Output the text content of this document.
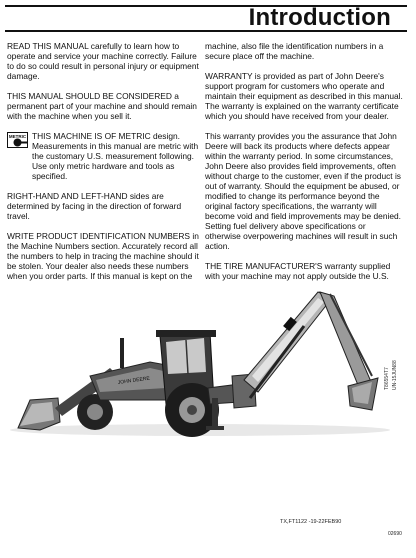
Introduction

READ THIS MANUAL carefully to learn how to operate and service your machine correctly. Failure to do so could result in personal injury or equipment damage.

THIS MANUAL SHOULD BE CONSIDERED a permanent part of your machine and should remain with the machine when you sell it.

METRIC THIS MACHINE IS OF METRIC design. Measurements in this manual are metric with the customary U.S. measurement following. Use only metric hardware and tools as specified.

RIGHT-HAND AND LEFT-HAND sides are determined by facing in the direction of forward travel.

WRITE PRODUCT IDENTIFICATION NUMBERS in the Machine Numbers section. Accurately record all the numbers to help in tracing the machine should it be stolen. Your dealer also needs these numbers when you order parts. If this manual is kept on the

machine, also file the identification numbers in a secure place off the machine.

WARRANTY is provided as part of John Deere's support program for customers who operate and maintain their equipment as described in this manual. The warranty is explained on the warranty certificate which you should have received from your dealer.

This warranty provides you the assurance that John Deere will back its products where defects appear within the warranty period. In some circumstances, John Deere also provides field improvements, often without charge to the customer, even if the product is out of warranty. Should the equipment be abused, or modified to change its performance beyond the original factory specifications, the warranty will become void and field improvements may be denied. Setting fuel delivery above specifications or otherwise overpowering machines will result in such action.

THE TIRE MANUFACTURER'S warranty supplied with your machine may not apply outside the U.S.

JOHN DEERE	T86554T7 UN-15JUN88
TX,FT1122 -19-22FEB90
02690
